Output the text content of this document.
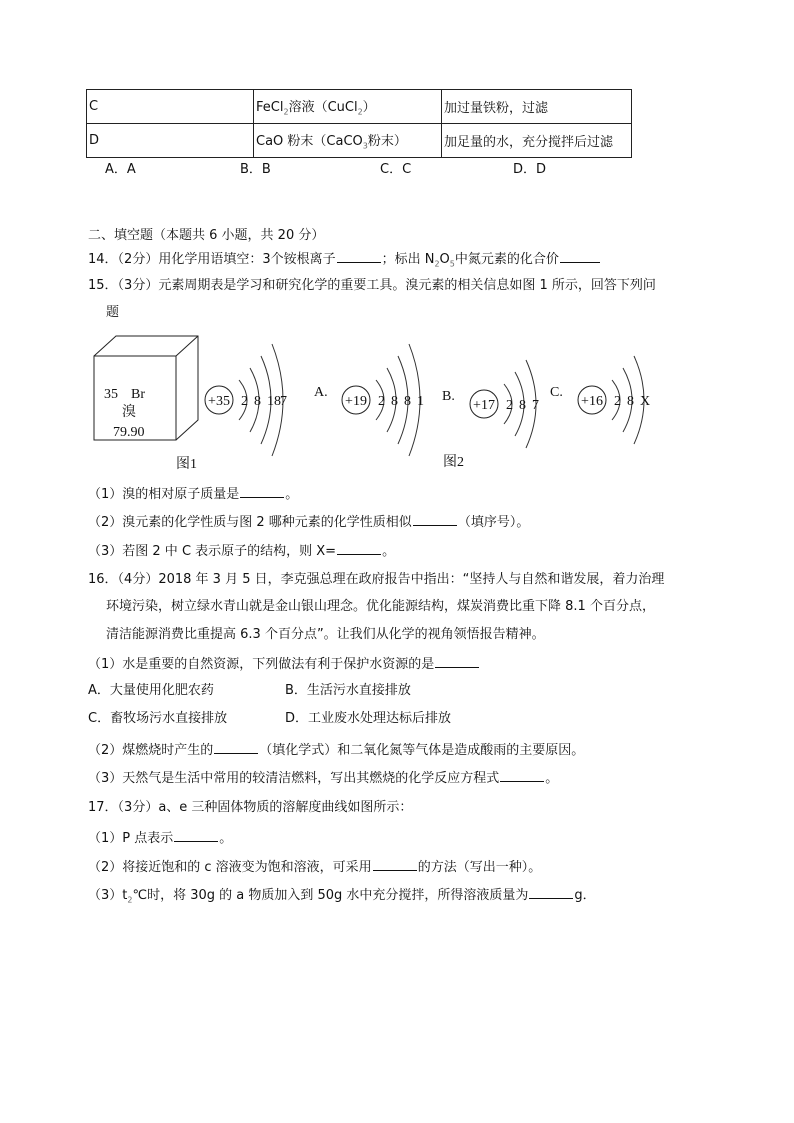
C	FeCl$_2$溶液（CuCl$_2$）	加过量铁粉，过滤
D	CaO 粉末（CaCO$_3$粉末）	加足量的水，充分搅拌后过滤
A．A	B．B	C．C	D．D
二、填空题（本题共 6 小题，共 20 分）
14．（2分）用化学用语填空：3个铵根离子	；标出 $N_2O_5$中氮元素的化合价
15．（3分）元素周期表是学习和研究化学的重要工具。溴元素的相关信息如图 1 所示，回答下列问
题
35 Br
溴
79.90
图1	图2
+35 2 8 18 7
A.
+19 2 8 8 1 B.
+17 2 8 7
C.
+16 2 8 X
（1）溴的相对原子质量是	。
（2）溴元素的化学性质与图 2 哪种元素的化学性质相似	（填序号）。
（3）若图 2 中 C 表示原子的结构，则 X=	。
16．（4分）2018 年 3 月 5 日，李克强总理在政府报告中指出：“坚持人与自然和谐发展，着力治理
环境污染，树立绿水青山就是金山银山理念。优化能源结构，煤炭消费比重下降 8.1 个百分点，
清洁能源消费比重提高 6.3 个百分点”。让我们从化学的视角领悟报告精神。
（1）水是重要的自然资源，下列做法有利于保护水资源的是
A．大量使用化肥农药	B．生活污水直接排放
C．畜牧场污水直接排放	D．工业废水处理达标后排放
（2）煤燃烧时产生的	（填化学式）和二氧化氮等气体是造成酸雨的主要原因。
（3）天然气是生活中常用的较清洁燃料，写出其燃烧的化学反应方程式	。
17．（3分）a、e 三种固体物质的溶解度曲线如图所示：
（1）P 点表示	。
（2）将接近饱和的 c 溶液变为饱和溶液，可采用	的方法（写出一种）。
$(3)t_2℃$时，将 30g 的 a 物质加入到 50g 水中充分搅拌，所得溶液质量为	g．
